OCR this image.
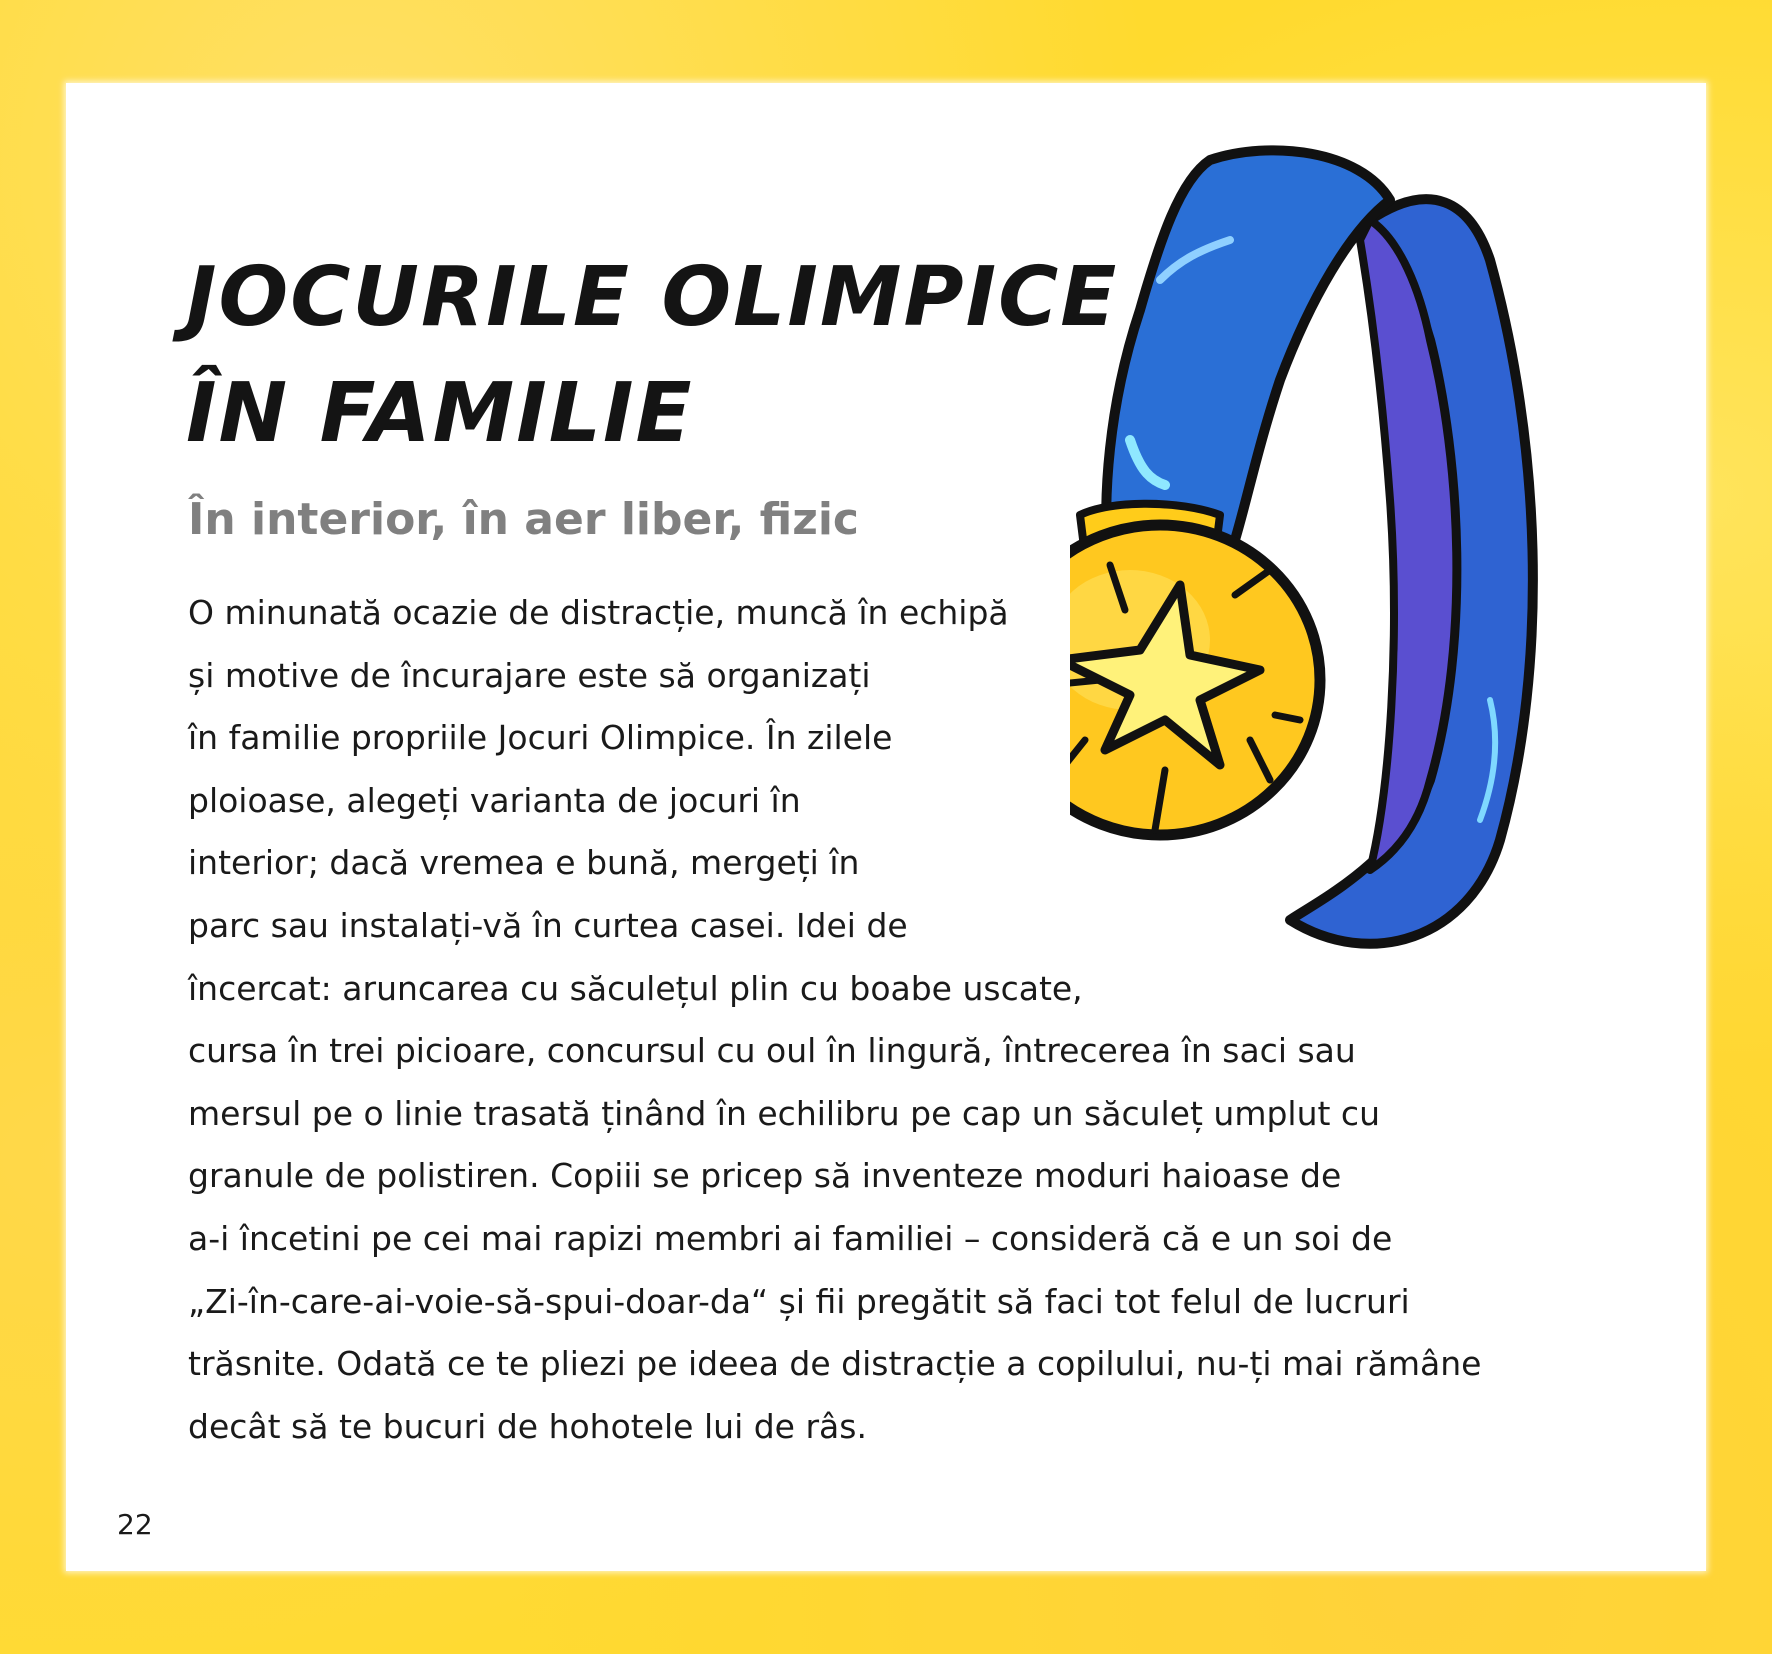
JOCURILE OLIMPICE
ÎN FAMILIE
În interior, în aer liber, fizic

O minunată ocazie de distracție, muncă în echipă
și motive de încurajare este să organizați
în familie propriile Jocuri Olimpice. În zilele
ploioase, alegeți varianta de jocuri în
interior; dacă vremea e bună, mergeți în
parc sau instalați-vă în curtea casei. Idei de
încercat: aruncarea cu săculețul plin cu boabe uscate,
cursa în trei picioare, concursul cu oul în lingură, întrecerea în saci sau
mersul pe o linie trasată ținând în echilibru pe cap un săculeț umplut cu
granule de polistiren. Copiii se pricep să inventeze moduri haioase de
a-i încetini pe cei mai rapizi membri ai familiei – consideră că e un soi de
„Zi-în-care-ai-voie-să-spui-doar-da“ și fii pregătit să faci tot felul de lucruri
trăsnite. Odată ce te pliezi pe ideea de distracție a copilului, nu-ți mai rămâne
decât să te bucuri de hohotele lui de râs.

22
